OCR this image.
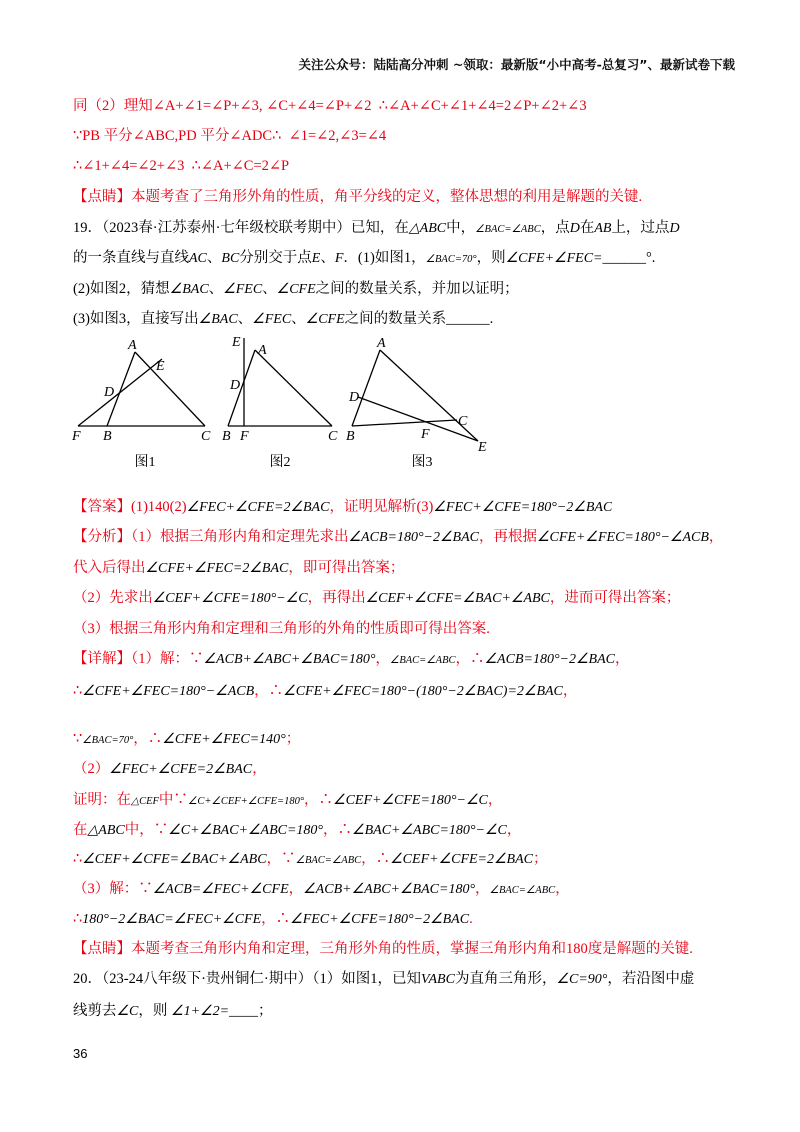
关注公众号：陆陆高分冲刺 ~领取：最新版“小中高考-总复习”、最新试卷下载
同（2）理知∠A+∠1=∠P+∠3, ∠C+∠4=∠P+∠2  ∴∠A+∠C+∠1+∠4=2∠P+∠2+∠3
∵PB 平分∠ABC,PD 平分∠ADC∴  ∠1=∠2,∠3=∠4
∴∠1+∠4=∠2+∠3  ∴∠A+∠C=2∠P
【点睛】本题考查了三角形外角的性质，角平分线的定义，整体思想的利用是解题的关键.
19．（2023春·江苏泰州·七年级校联考期中）已知，在△ABC中，∠BAC=∠ABC，点D在AB上，过点D
的一条直线与直线AC、BC分别交于点E、F．(1)如图1，∠BAC=70°，则∠CFE+∠FEC=______°.
(2)如图2，猜想∠BAC、∠FEC、∠CFE之间的数量关系，并加以证明；
(3)如图3，直接写出∠BAC、∠FEC、∠CFE之间的数量关系______.
A
E
D
F B	C
图1
E
A
D
B F	C
图2
A
D
B	F
C
E
图3
【答案】(1)140(2)∠FEC+∠CFE=2∠BAC，证明见解析(3)∠FEC+∠CFE=180°−2∠BAC
【分析】（1）根据三角形内角和定理先求出∠ACB=180°−2∠BAC，再根据∠CFE+∠FEC=180°−∠ACB，
代入后得出∠CFE+∠FEC=2∠BAC，即可得出答案；
（2）先求出∠CEF+∠CFE=180°−∠C，再得出∠CEF+∠CFE=∠BAC+∠ABC，进而可得出答案；
（3）根据三角形内角和定理和三角形的外角的性质即可得出答案.
【详解】（1）解：∵∠ACB+∠ABC+∠BAC=180°，∠BAC=∠ABC，∴∠ACB=180°−2∠BAC，
∴∠CFE+∠FEC=180°−∠ACB，∴∠CFE+∠FEC=180°−(180°−2∠BAC)=2∠BAC，
∵∠BAC=70°，∴∠CFE+∠FEC=140°；
（2）∠FEC+∠CFE=2∠BAC，
证明：在△CEF中∵∠C+∠CEF+∠CFE=180°，∴∠CEF+∠CFE=180°−∠C，
在△ABC中，∵∠C+∠BAC+∠ABC=180°，∴∠BAC+∠ABC=180°−∠C，
∴∠CEF+∠CFE=∠BAC+∠ABC，∵∠BAC=∠ABC，∴∠CEF+∠CFE=2∠BAC；
（3）解：∵∠ACB=∠FEC+∠CFE，∠ACB+∠ABC+∠BAC=180°，∠BAC=∠ABC，
∴180°−2∠BAC=∠FEC+∠CFE，∴∠FEC+∠CFE=180°−2∠BAC.
【点睛】本题考查三角形内角和定理，三角形外角的性质，掌握三角形内角和180度是解题的关键.
20．（23-24八年级下·贵州铜仁·期中）（1）如图1，已知VABC为直角三角形，∠C=90°，若沿图中虚
线剪去∠C，则 ∠1+∠2=____；
36
